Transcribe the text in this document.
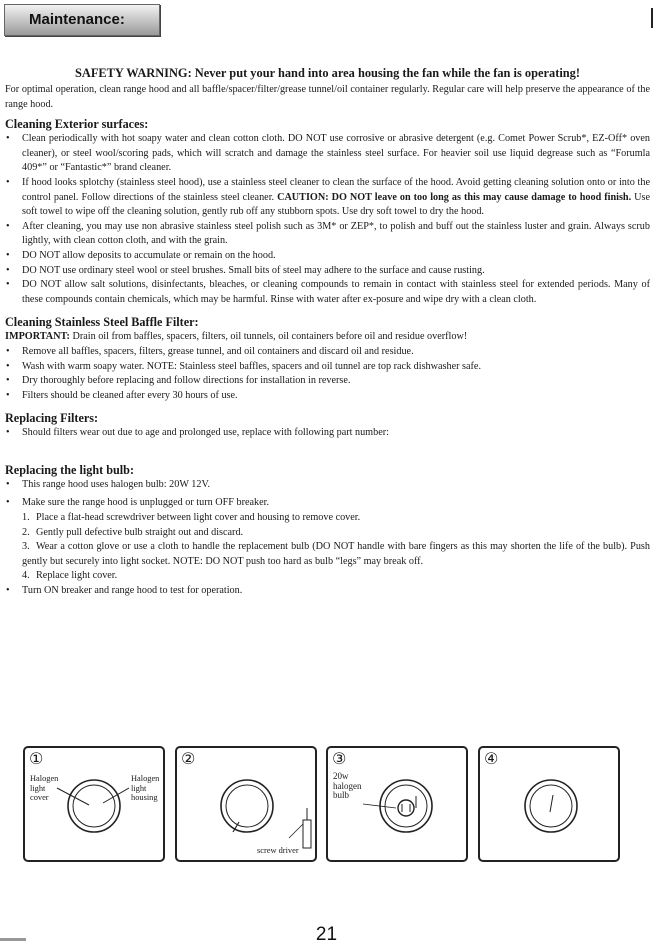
Maintenance:
SAFETY WARNING: Never put your hand into area housing the fan while the fan is operating!

For optimal operation, clean range hood and all baffle/spacer/filter/grease tunnel/oil container regularly. Regular care will help preserve the appearance of the range hood.

Cleaning Exterior surfaces:
• Clean periodically with hot soapy water and clean cotton cloth. DO NOT use corrosive or abrasive detergent (e.g. Comet Power Scrub*, EZ-Off* oven cleaner), or steel wool/scoring pads, which will scratch and damage the stainless steel surface. For heavier soil use liquid degrease such as “Forumla 409*” or “Fantastic*” brand cleaner.
• If hood looks splotchy (stainless steel hood), use a stainless steel cleaner to clean the surface of the hood. Avoid getting cleaning solution onto or into the control panel. Follow directions of the stainless steel cleaner. CAUTION: DO NOT leave on too long as this may cause damage to hood finish. Use soft towel to wipe off the cleaning solution, gently rub off any stubborn spots. Use dry soft towel to dry the hood.
• After cleaning, you may use non abrasive stainless steel polish such as 3M* or ZEP*, to polish and buff out the stainless luster and grain. Always scrub lightly, with clean cotton cloth, and with the grain.
• DO NOT allow deposits to accumulate or remain on the hood.
• DO NOT use ordinary steel wool or steel brushes. Small bits of steel may adhere to the surface and cause rusting.
• DO NOT allow salt solutions, disinfectants, bleaches, or cleaning compounds to remain in contact with stainless steel for extended periods. Many of these compounds contain chemicals, which may be harmful. Rinse with water after ex-posure and wipe dry with a clean cloth.
Cleaning Stainless Steel Baffle Filter:

IMPORTANT: Drain oil from baffles, spacers, filters, oil tunnels, oil containers before oil and residue overflow!

• Remove all baffles, spacers, filters, grease tunnel, and oil containers and discard oil and residue.
• Wash with warm soapy water. NOTE: Stainless steel baffles, spacers and oil tunnel are top rack dishwasher safe.
• Dry thoroughly before replacing and follow directions for installation in reverse.
• Filters should be cleaned after every 30 hours of use.
Replacing Filters:
• Should filters wear out due to age and prolonged use, replace with following part number:
Replacing the light bulb:
• This range hood uses halogen bulb: 20W 12V.
• Make sure the range hood is unplugged or turn OFF breaker.
1. Place a flat-head screwdriver between light cover and housing to remove cover.
2. Gently pull defective bulb straight out and discard.
3. Wear a cotton glove or use a cloth to handle the replacement bulb (DO NOT handle with bare fingers as this may shorten the life of the bulb). Push gently but securely into light socket. NOTE: DO NOT push too hard as bulb “legs” may break off.
4. Replace light cover.
• Turn ON breaker and range hood to test for operation.
①
Halogen light cover
Halogen light housing
②
screw driver
③
20w halogen bulb
④
21
